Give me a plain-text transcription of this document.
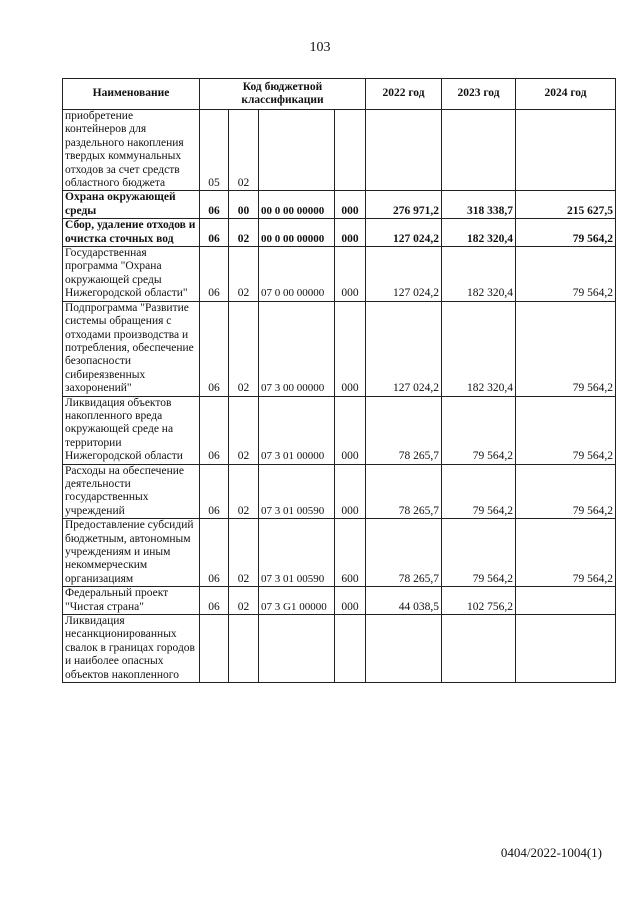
103
Наименование	Код бюджетной классификации				2022 год	2023 год	2024 год
приобретение контейнеров для раздельного накопления твердых коммунальных отходов за счет средств областного бюджета	05	02					
Охрана окружающей среды	06	00	00 0 00 00000	000	276 971,2	318 338,7	215 627,5
Сбор, удаление отходов и очистка сточных вод	06	02	00 0 00 00000	000	127 024,2	182 320,4	79 564,2
Государственная программа "Охрана окружающей среды Нижегородской области"	06	02	07 0 00 00000	000	127 024,2	182 320,4	79 564,2
Подпрограмма "Развитие системы обращения с отходами производства и потребления, обеспечение безопасности сибиреязвенных захоронений"	06	02	07 3 00 00000	000	127 024,2	182 320,4	79 564,2
Ликвидация объектов накопленного вреда окружающей среде на территории Нижегородской области	06	02	07 3 01 00000	000	78 265,7	79 564,2	79 564,2
Расходы на обеспечение деятельности государственных учреждений	06	02	07 3 01 00590	000	78 265,7	79 564,2	79 564,2
Предоставление субсидий бюджетным, автономным учреждениям и иным некоммерческим организациям	06	02	07 3 01 00590	600	78 265,7	79 564,2	79 564,2
Федеральный проект "Чистая страна"	06	02	07 3 G1 00000	000	44 038,5	102 756,2	
Ликвидация несанкционированных свалок в границах городов и наиболее опасных объектов накопленного							
0404/2022-1004(1)
